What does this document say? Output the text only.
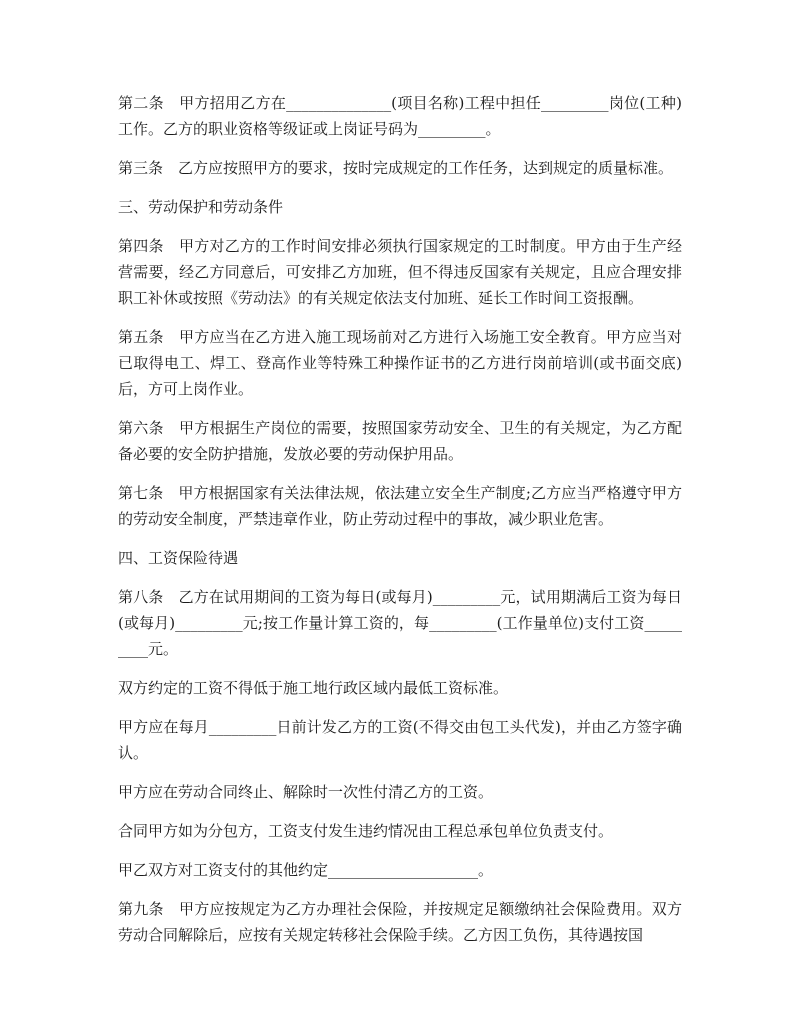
第二条　甲方招用乙方在______________(项目名称)工程中担任_________岗位(工种)工作。乙方的职业资格等级证或上岗证号码为_________。

第三条　乙方应按照甲方的要求，按时完成规定的工作任务，达到规定的质量标准。

三、劳动保护和劳动条件

第四条　甲方对乙方的工作时间安排必须执行国家规定的工时制度。甲方由于生产经营需要，经乙方同意后，可安排乙方加班，但不得违反国家有关规定，且应合理安排职工补休或按照《劳动法》的有关规定依法支付加班、延长工作时间工资报酬。

第五条　甲方应当在乙方进入施工现场前对乙方进行入场施工安全教育。甲方应当对已取得电工、焊工、登高作业等特殊工种操作证书的乙方进行岗前培训(或书面交底)后，方可上岗作业。

第六条　甲方根据生产岗位的需要，按照国家劳动安全、卫生的有关规定，为乙方配备必要的安全防护措施，发放必要的劳动保护用品。

第七条　甲方根据国家有关法律法规，依法建立安全生产制度;乙方应当严格遵守甲方的劳动安全制度，严禁违章作业，防止劳动过程中的事故，减少职业危害。

四、工资保险待遇

第八条　乙方在试用期间的工资为每日(或每月)_________元，试用期满后工资为每日(或每月)_________元;按工作量计算工资的，每_________(工作量单位)支付工资_________元。

双方约定的工资不得低于施工地行政区域内最低工资标准。

甲方应在每月_________日前计发乙方的工资(不得交由包工头代发)，并由乙方签字确认。

甲方应在劳动合同终止、解除时一次性付清乙方的工资。

合同甲方如为分包方，工资支付发生违约情况由工程总承包单位负责支付。

甲乙双方对工资支付的其他约定____________________。

第九条　甲方应按规定为乙方办理社会保险，并按规定足额缴纳社会保险费用。双方劳动合同解除后，应按有关规定转移社会保险手续。乙方因工负伤，其待遇按国
